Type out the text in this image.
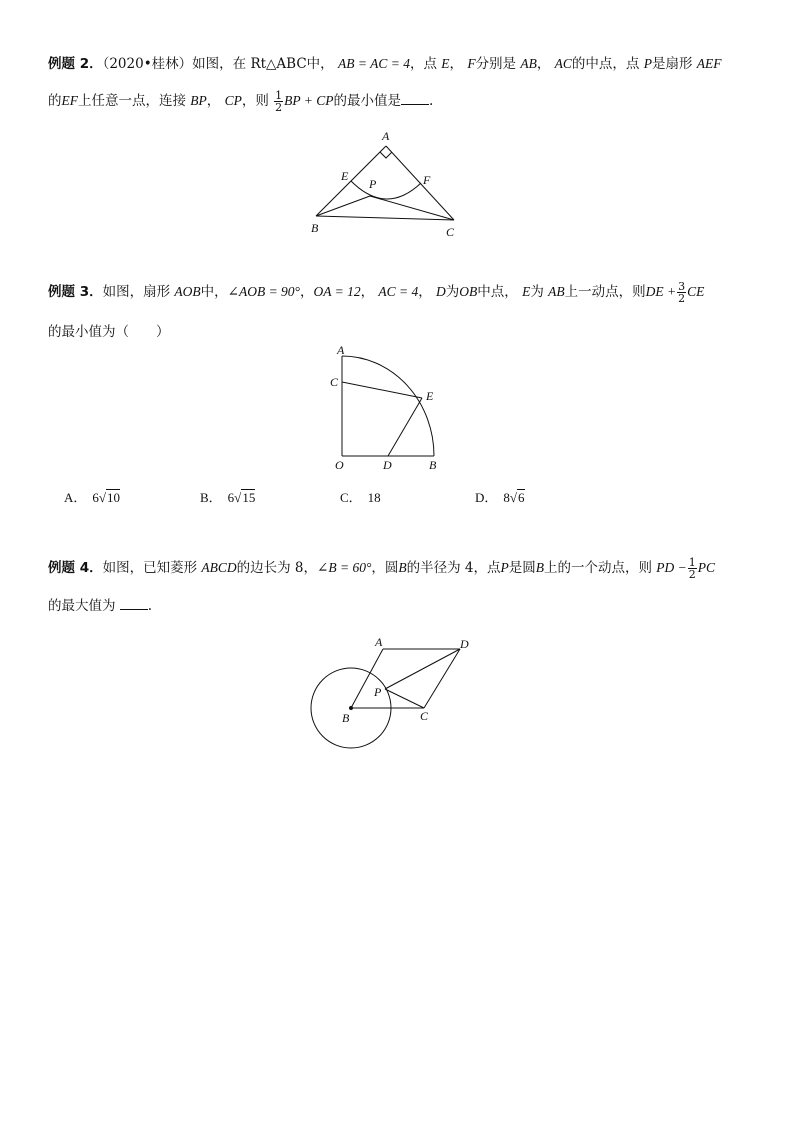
例题 2．（2020•桂林）如图，在 Rt△ABC中， AB = AC = 4，点 E， F分别是 AB， AC的中点，点 P是扇形 AEF
的EF上任意一点，连接 BP， CP，则 $\frac{1}{2}$ BP + CP的最小值是 .
A
E
P	F
B	C
例题 3．如图，扇形 AOB中，∠AOB = 90°，OA = 12， AC = 4， D为OB中点， E为 AB上一动点，则DE + $\frac{3}{2}$ CE
的最小值为（　　）
A
C
E
O	D	B
A． 6√10	B． 6√15	C． 18	D． 8√6
例题 4．如图，已知菱形 ABCD的边长为 8，∠B = 60°，圆B的半径为 4，点P是圆B上的一个动点，则 PD − $\frac{1}{2}$ PC
的最大值为 .
A	D
P
B	C
